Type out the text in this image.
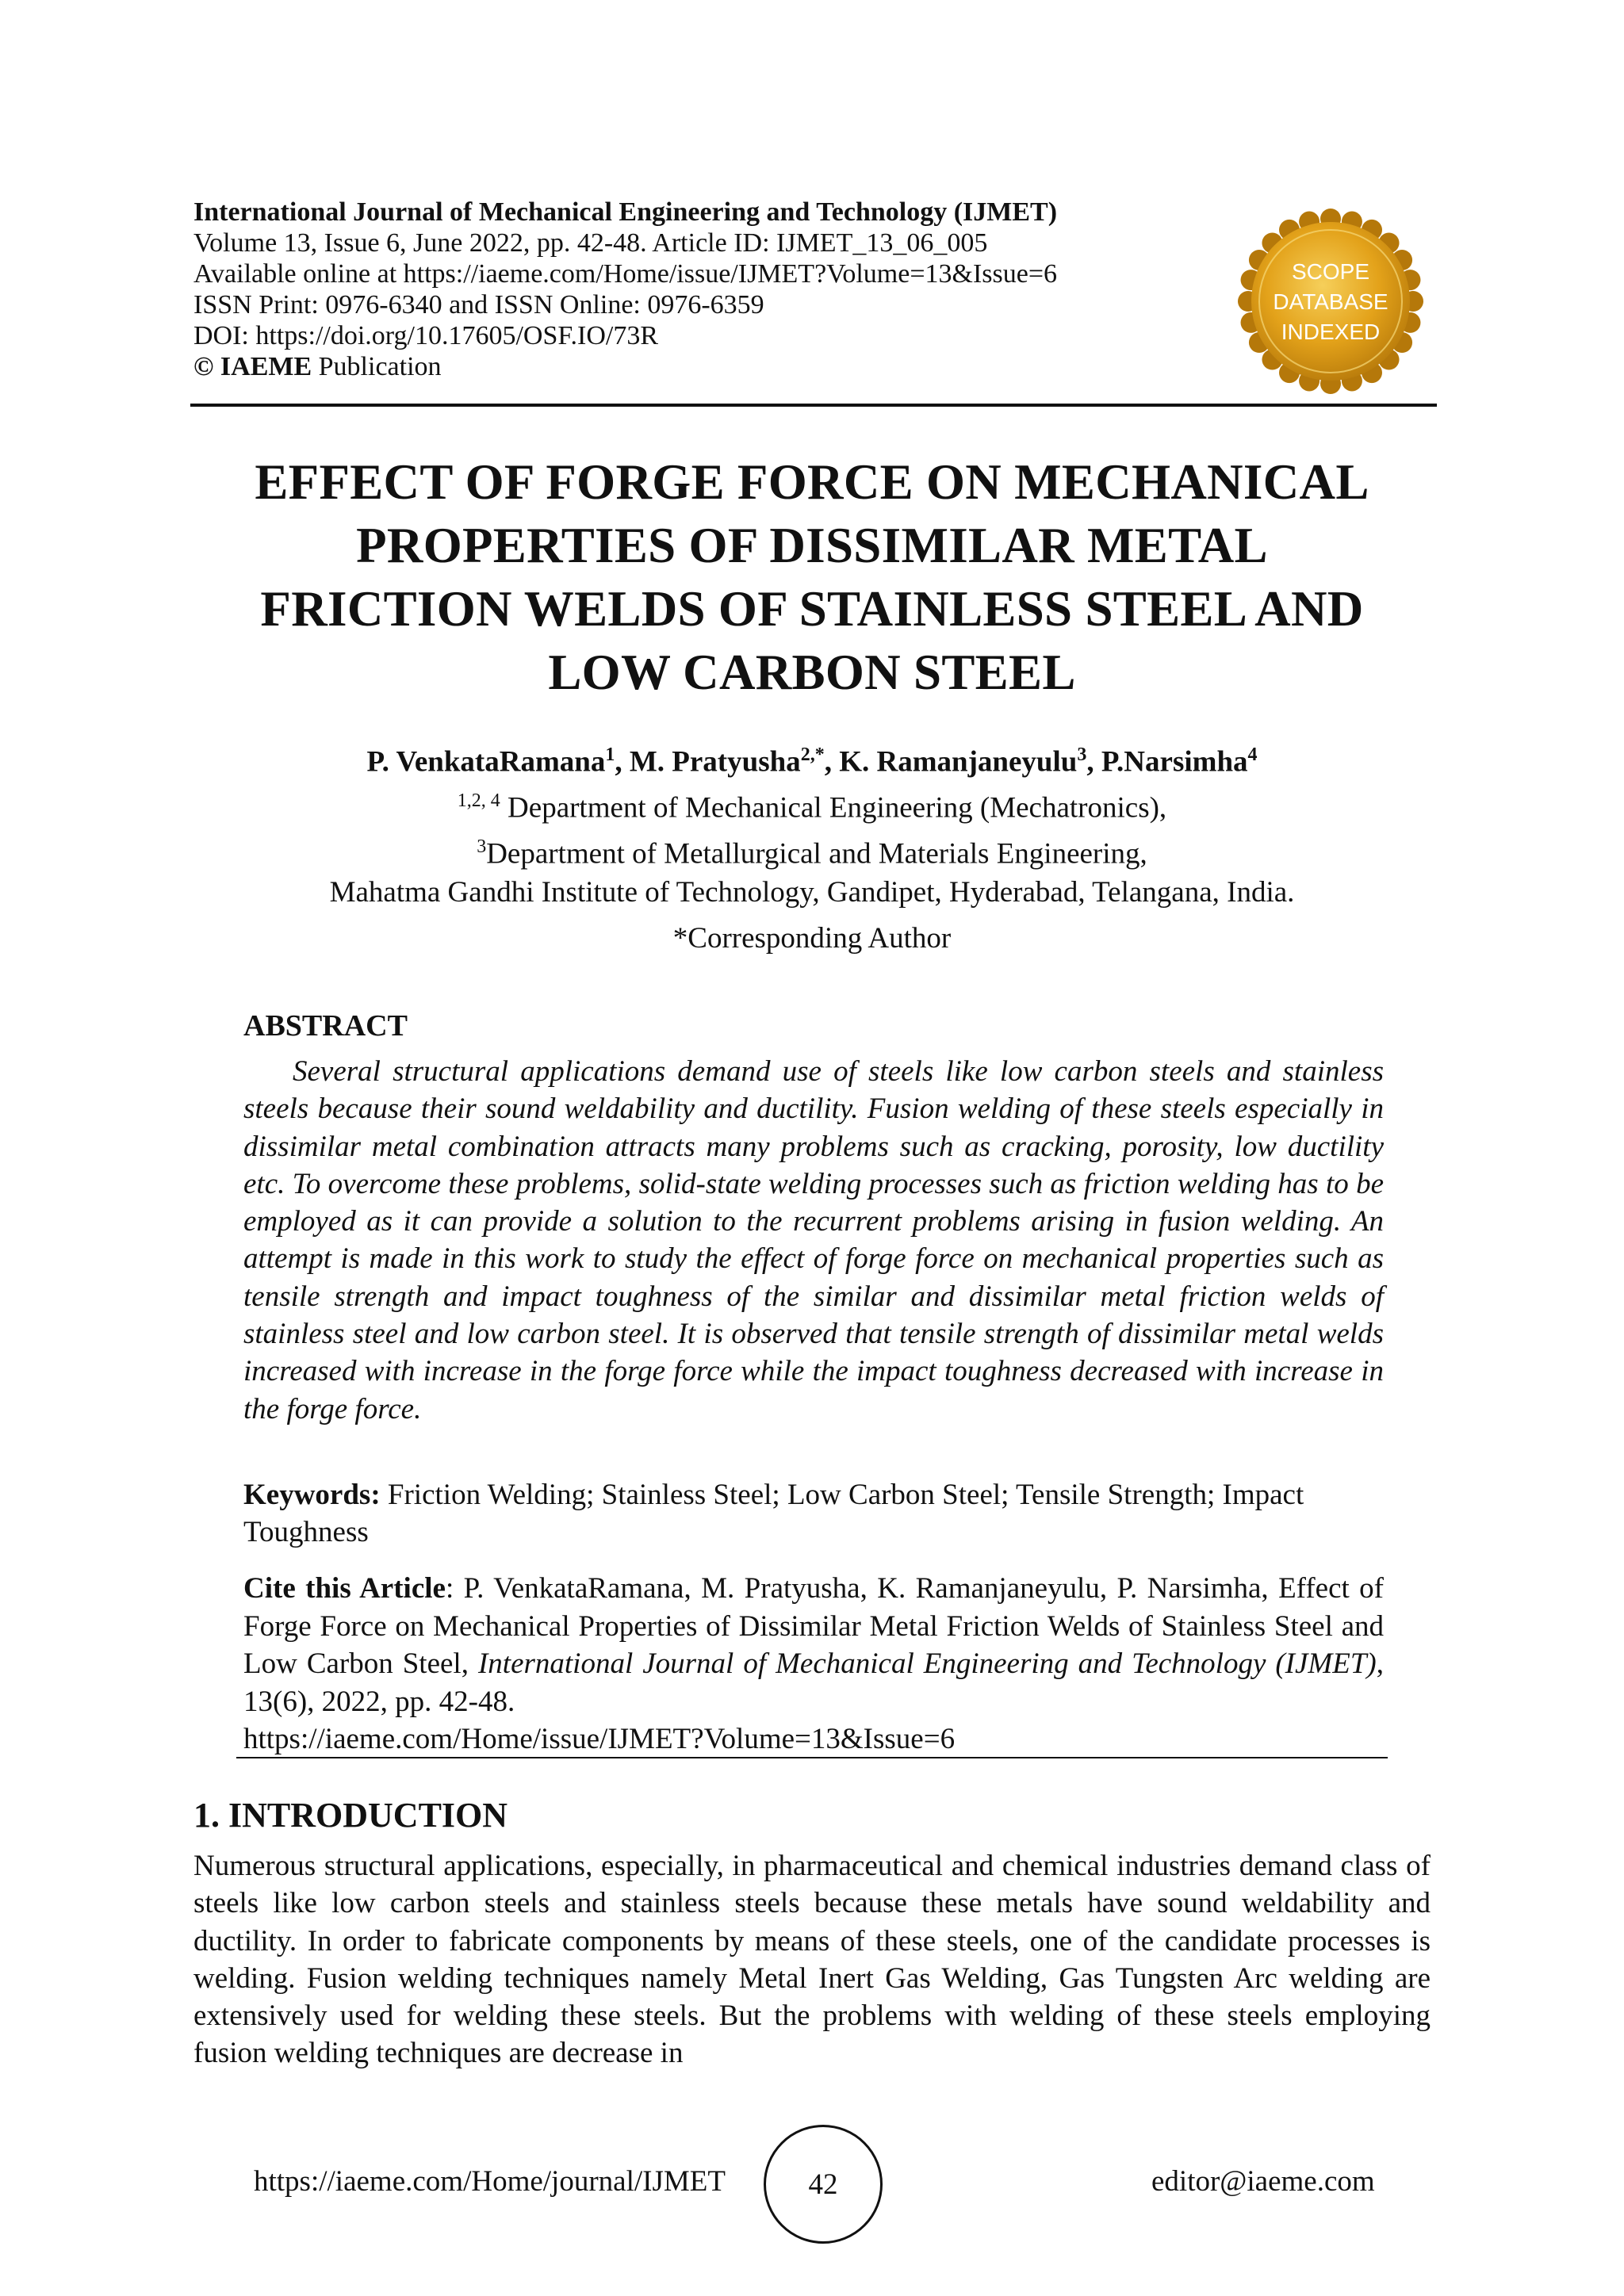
International Journal of Mechanical Engineering and Technology (IJMET)
Volume 13, Issue 6, June 2022, pp. 42-48. Article ID: IJMET_13_06_005
Available online at https://iaeme.com/Home/issue/IJMET?Volume=13&Issue=6
ISSN Print: 0976-6340 and ISSN Online: 0976-6359
DOI: https://doi.org/10.17605/OSF.IO/73R
© IAEME Publication
SCOPE
DATABASE
INDEXED
EFFECT OF FORGE FORCE ON MECHANICAL
PROPERTIES OF DISSIMILAR METAL
FRICTION WELDS OF STAINLESS STEEL AND
LOW CARBON STEEL
P. VenkataRamana$^1$, M. Pratyusha$^{2,*}$, K. Ramanjaneyulu$^3$, P.Narsimha$^4$
$^{1,2, 4}$ Department of Mechanical Engineering (Mechatronics),
$^3$Department of Metallurgical and Materials Engineering,
Mahatma Gandhi Institute of Technology, Gandipet, Hyderabad, Telangana, India.
*Corresponding Author
ABSTRACT
Several structural applications demand use of steels like low carbon steels and stainless steels because their sound weldability and ductility. Fusion welding of these steels especially in dissimilar metal combination attracts many problems such as cracking, porosity, low ductility etc. To overcome these problems, solid-state welding processes such as friction welding has to be employed as it can provide a solution to the recurrent problems arising in fusion welding. An attempt is made in this work to study the effect of forge force on mechanical properties such as tensile strength and impact toughness of the similar and dissimilar metal friction welds of stainless steel and low carbon steel. It is observed that tensile strength of dissimilar metal welds increased with increase in the forge force while the impact toughness decreased with increase in the forge force.
Keywords: Friction Welding; Stainless Steel; Low Carbon Steel; Tensile Strength; Impact Toughness
Cite this Article: P. VenkataRamana, M. Pratyusha, K. Ramanjaneyulu, P. Narsimha, Effect of Forge Force on Mechanical Properties of Dissimilar Metal Friction Welds of Stainless Steel and Low Carbon Steel, International Journal of Mechanical Engineering and Technology (IJMET), 13(6), 2022, pp. 42-48.
https://iaeme.com/Home/issue/IJMET?Volume=13&Issue=6
1. INTRODUCTION
Numerous structural applications, especially, in pharmaceutical and chemical industries demand class of steels like low carbon steels and stainless steels because these metals have sound weldability and ductility. In order to fabricate components by means of these steels, one of the candidate processes is welding. Fusion welding techniques namely Metal Inert Gas Welding, Gas Tungsten Arc welding are extensively used for welding these steels. But the problems with welding of these steels employing fusion welding techniques are decrease in
https://iaeme.com/Home/journal/IJMET	42	editor@iaeme.com
